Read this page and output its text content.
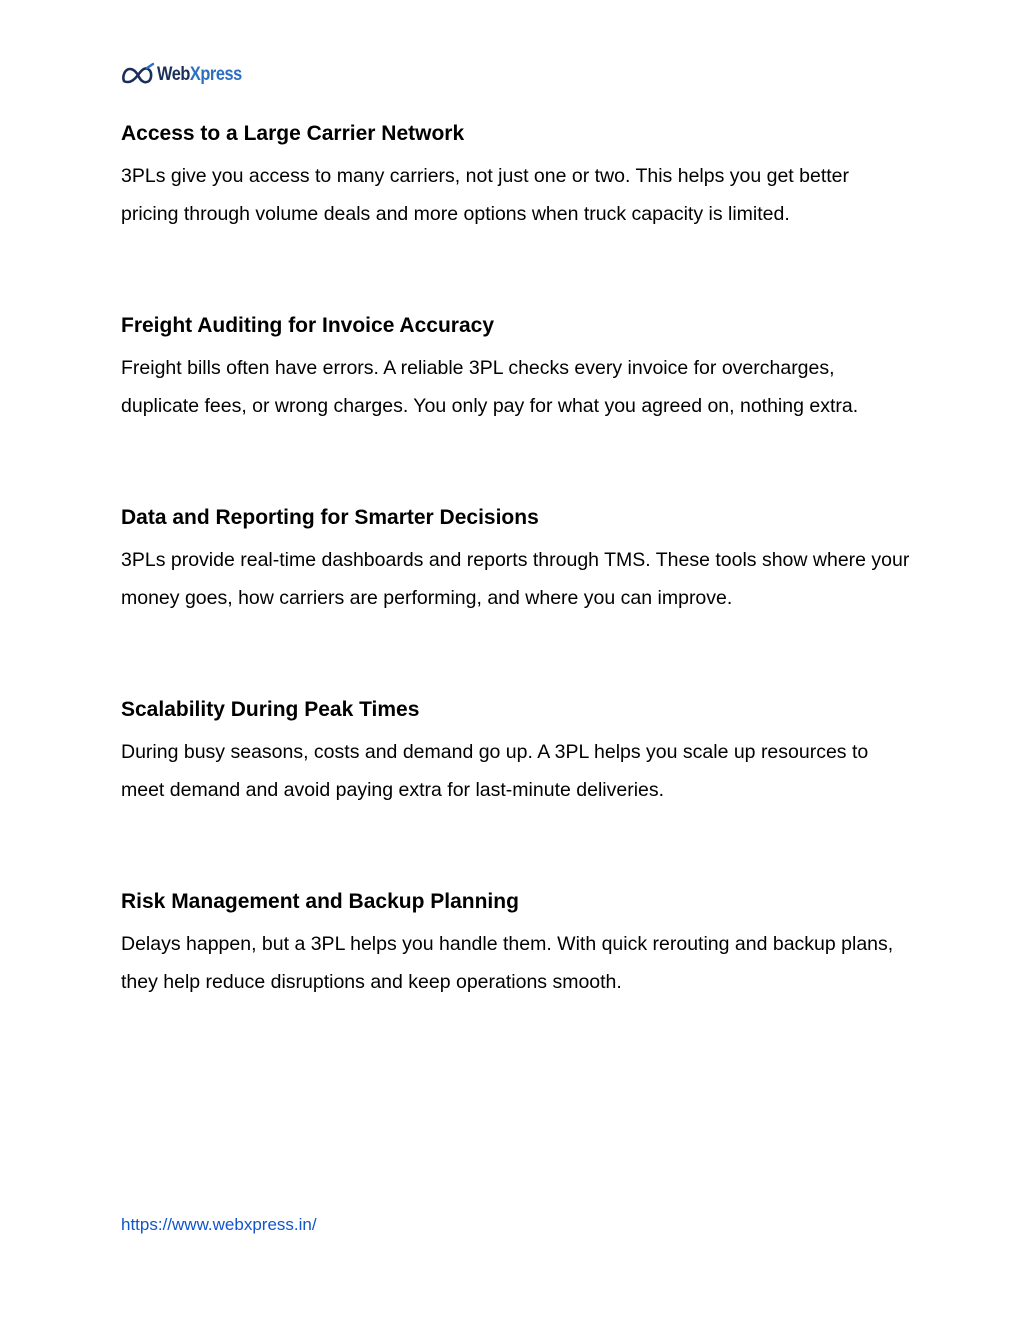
WebXpress
Access to a Large Carrier Network

3PLs give you access to many carriers, not just one or two. This helps you get better pricing through volume deals and more options when truck capacity is limited.

Freight Auditing for Invoice Accuracy

Freight bills often have errors. A reliable 3PL checks every invoice for overcharges, duplicate fees, or wrong charges. You only pay for what you agreed on, nothing extra.

Data and Reporting for Smarter Decisions

3PLs provide real-time dashboards and reports through TMS. These tools show where your money goes, how carriers are performing, and where you can improve.

Scalability During Peak Times

During busy seasons, costs and demand go up. A 3PL helps you scale up resources to meet demand and avoid paying extra for last-minute deliveries.

Risk Management and Backup Planning

Delays happen, but a 3PL helps you handle them. With quick rerouting and backup plans, they help reduce disruptions and keep operations smooth.

https://www.webxpress.in/
